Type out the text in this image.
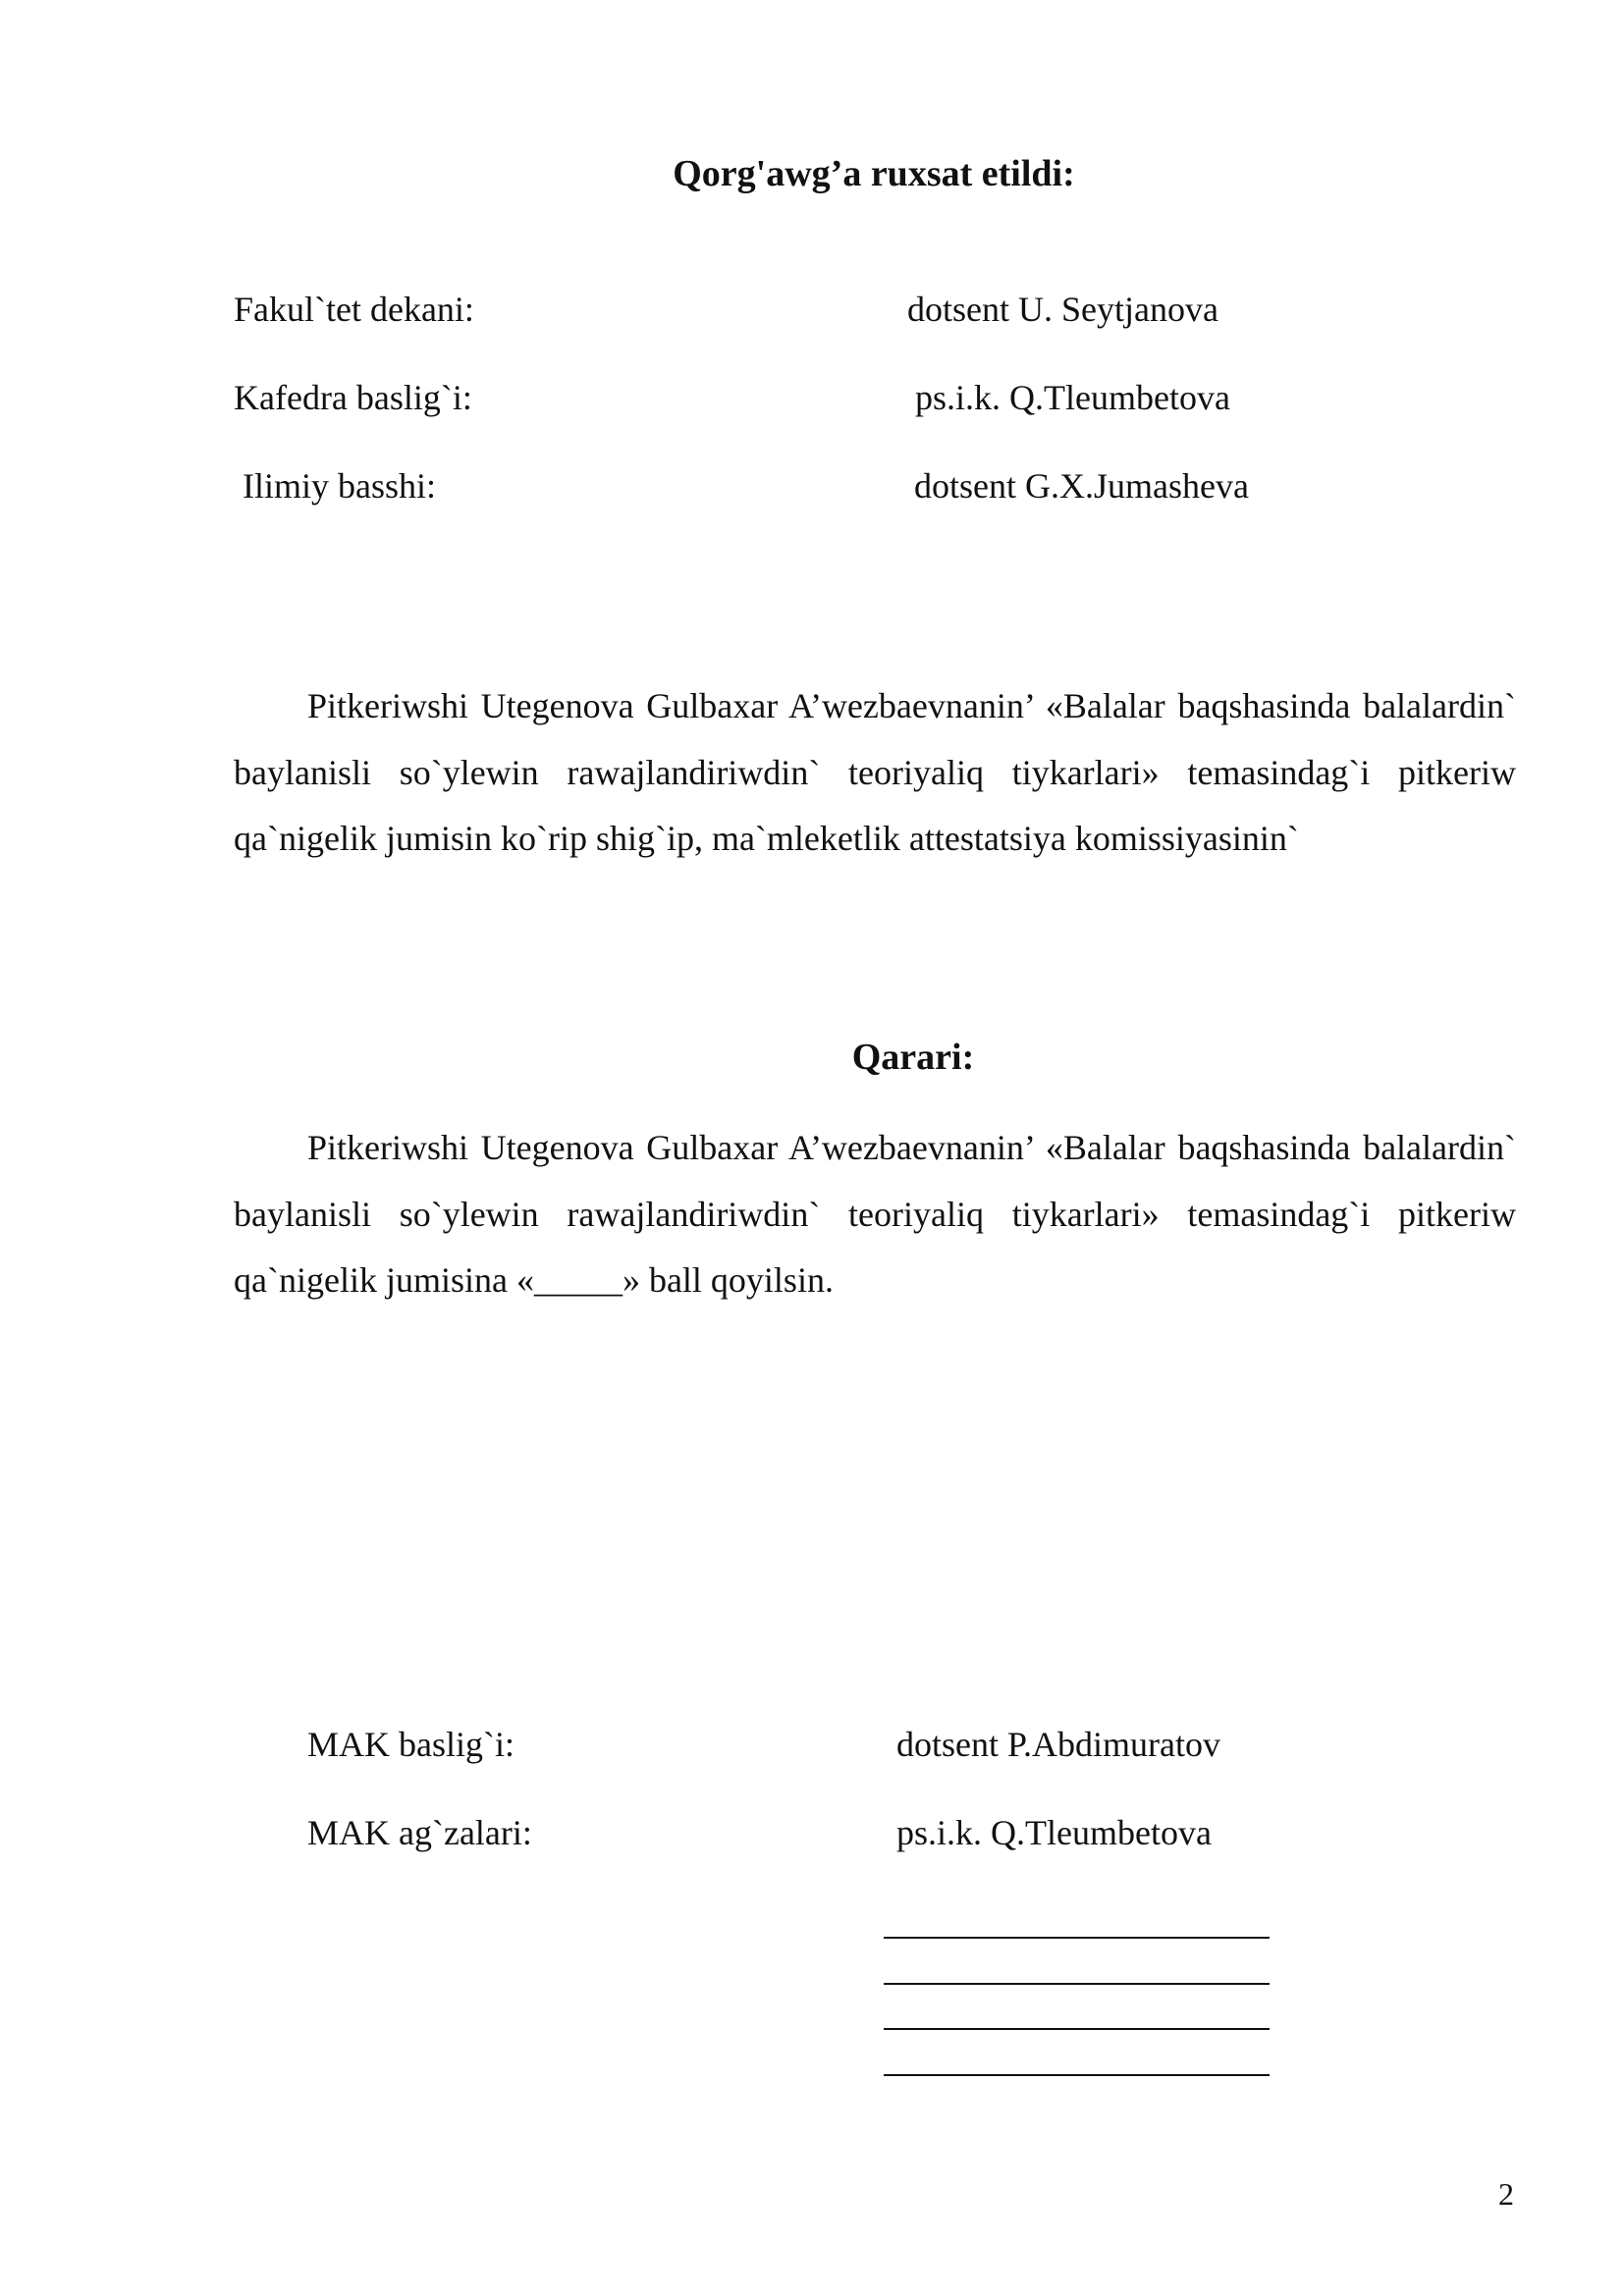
Qorg'awg’a ruxsat etildi:
Fakul`tet dekani:	dotsent U. Seytjanova
Kafedra baslig`i:	ps.i.k. Q.Tleumbetova
Ilimiy basshi:	dotsent G.X.Jumasheva

Pitkeriwshi Utegenova Gulbaxar A’wezbaevnanin’ «Balalar baqshasinda balalardin` baylanisli so`ylewin rawajlandiriwdin` teoriyaliq tiykarlari» temasindag`i pitkeriw qa`nigelik jumisin ko`rip shig`ip, ma`mleketlik attestatsiya komissiyasinin`

Qarari:

Pitkeriwshi Utegenova Gulbaxar A’wezbaevnanin’ «Balalar baqshasinda balalardin` baylanisli so`ylewin rawajlandiriwdin` teoriyaliq tiykarlari» temasindag`i pitkeriw qa`nigelik jumisina «_____» ball qoyilsin.

MAK baslig`i:	dotsent P.Abdimuratov
MAK ag`zalari:	ps.i.k. Q.Tleumbetova
2
